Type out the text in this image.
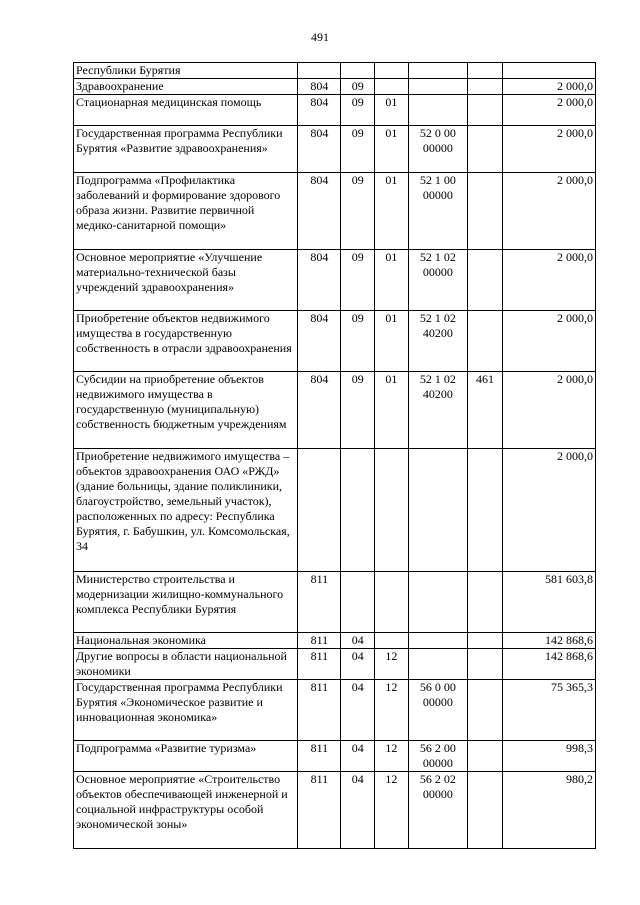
491
Республики Бурятия						
Здравоохранение	804	09				2 000,0
Стационарная медицинская помощь	804	09	01			2 000,0
Государственная программа Республики Бурятия «Развитие здравоохранения»	804	09	01	52 0 00 00000		2 000,0
Подпрограмма «Профилактика заболеваний и формирование здорового образа жизни. Развитие первичной медико-санитарной помощи»	804	09	01	52 1 00 00000		2 000,0
Основное мероприятие «Улучшение материально-технической базы учреждений здравоохранения»	804	09	01	52 1 02 00000		2 000,0
Приобретение объектов недвижимого имущества в государственную собственность в отрасли здравоохранения	804	09	01	52 1 02 40200		2 000,0
Субсидии на приобретение объектов недвижимого имущества в государственную (муниципальную) собственность бюджетным учреждениям	804	09	01	52 1 02 40200	461	2 000,0
Приобретение недвижимого имущества – объектов здравоохранения ОАО «РЖД» (здание больницы, здание поликлиники, благоустройство, земельный участок), расположенных по адресу: Республика Бурятия, г. Бабушкин, ул. Комсомольская, 34						2 000,0
Министерство строительства и модернизации жилищно-коммунального комплекса Республики Бурятия	811					581 603,8
Национальная экономика	811	04				142 868,6
Другие вопросы в области национальной экономики	811	04	12			142 868,6
Государственная программа Республики Бурятия «Экономическое развитие и инновационная экономика»	811	04	12	56 0 00 00000		75 365,3
Подпрограмма «Развитие туризма»	811	04	12	56 2 00 00000		998,3
Основное мероприятие «Строительство объектов обеспечивающей инженерной и социальной инфраструктуры особой экономической зоны»	811	04	12	56 2 02 00000		980,2
